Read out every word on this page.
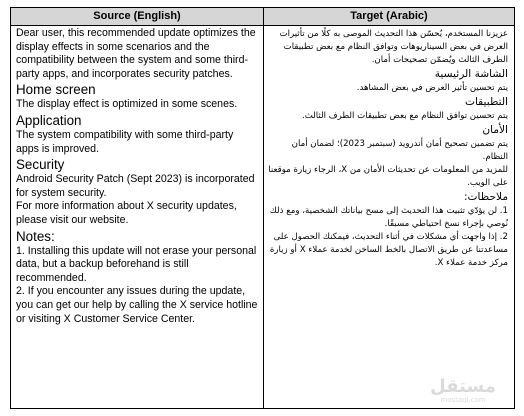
Source (English)	Target (Arabic)

Dear user, this recommended update optimizes the display effects in some scenarios and the compatibility between the system and some third-party apps, and incorporates security patches.

Home screen

The display effect is optimized in some scenes.

Application

The system compatibility with some third-party apps is improved.

Security

Android Security Patch (Sept 2023) is incorporated for system security.

For more information about X security updates, please visit our website.

Notes:

1. Installing this update will not erase your personal data, but a backup beforehand is still recommended.

2. If you encounter any issues during the update, you can get our help by calling the X service hotline or visiting X Customer Service Center.

عزيزنا المستخدم، يُحسّن هذا التحديث الموصى به كلًا من تأثيرات العرض في بعض السيناريوهات وتوافق النظام مع بعض تطبيقات الطرف الثالث ويُضمّن تصحيحات أمان.

الشاشة الرئيسية

يتم تحسين تأثير العرض في بعض المشاهد.

التطبيقات

يتم تحسين توافق النظام مع بعض تطبيقات الطرف الثالث.

الأمان

يتم تضمين تصحيح أمان أندرويد (سبتمبر 2023)؛ لضمان أمان النظام.

للمزيد من المعلومات عن تحديثات الأمان من X، الرجاء زيارة موقعنا على الويب.

ملاحظات:

1. لن يؤدّي تثبيت هذا التحديث إلى مسح بياناتك الشخصية، ومع ذلك نُوصي بإجراء نسخ احتياطي مسبقًا.

2. إذا واجهت أي مشكلات في أثناء التحديث، فيمكنك الحصول على مساعدتنا عن طريق الاتصال بالخط الساخن لخدمة عملاء X أو زيارة مركز خدمة عملاء X.

مستقل
mostaql.com
